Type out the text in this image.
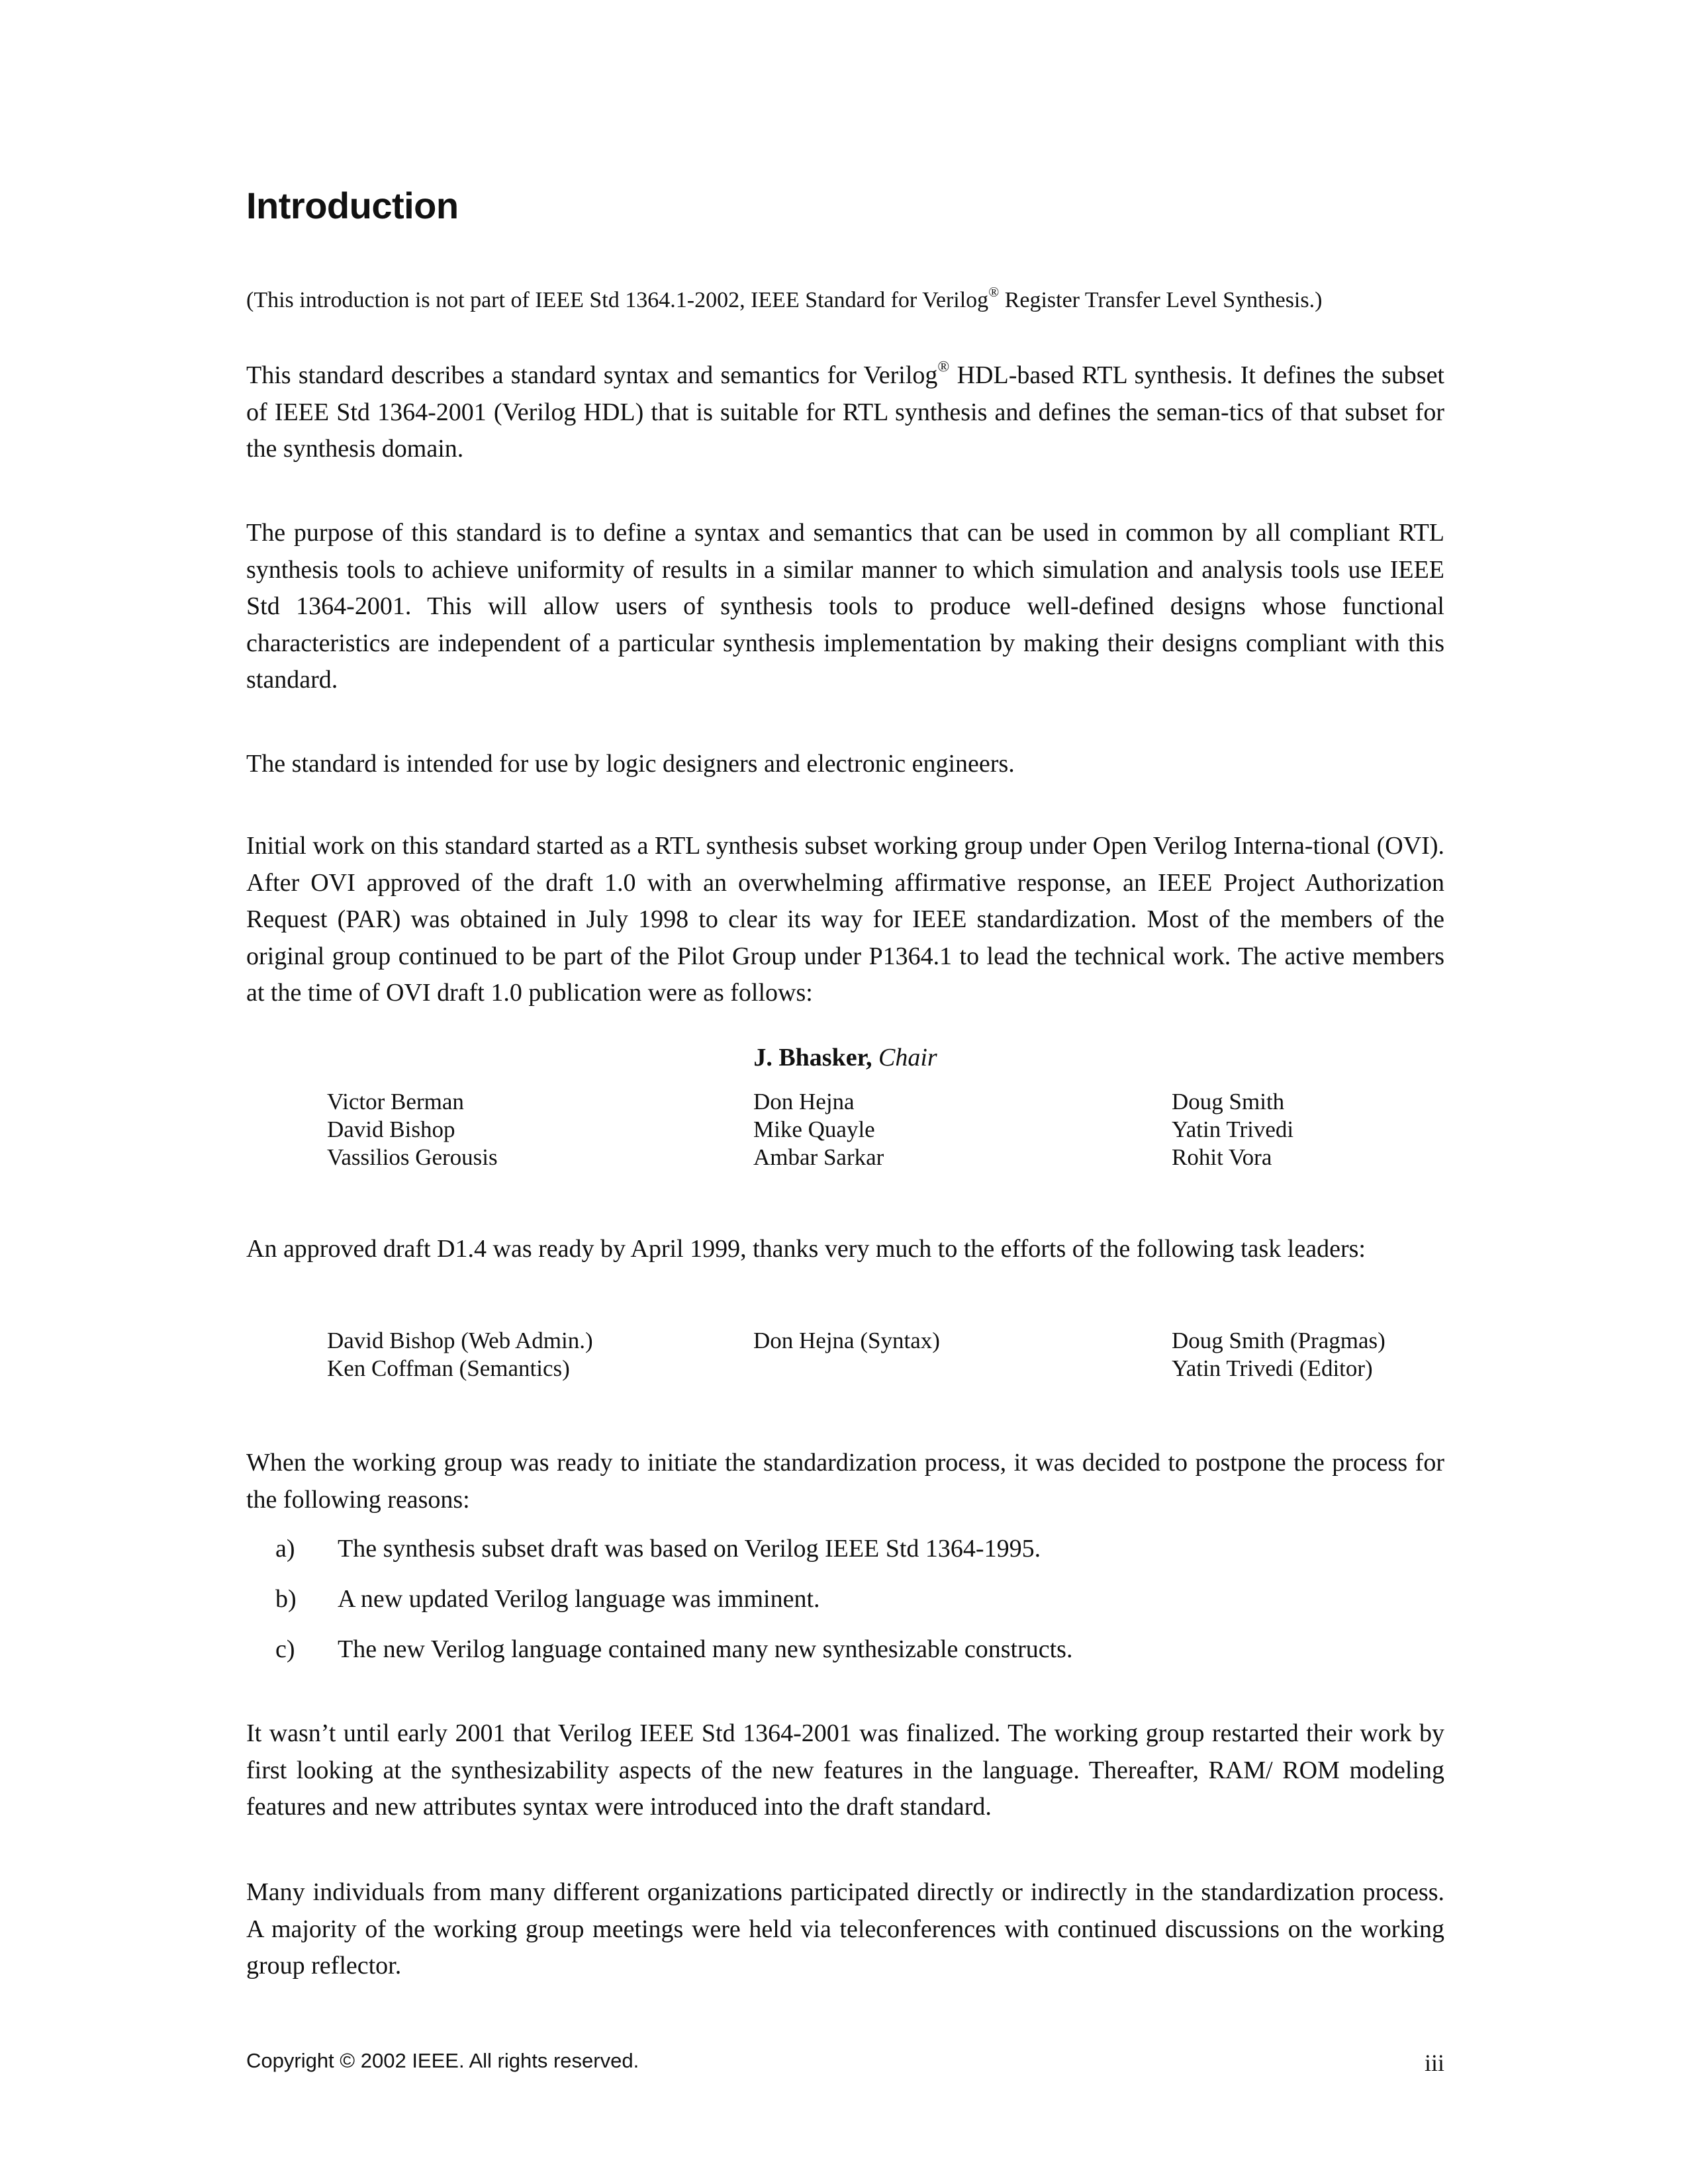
Introduction

(This introduction is not part of IEEE Std 1364.1-2002, IEEE Standard for Verilog® Register Transfer Level Synthesis.)

This standard describes a standard syntax and semantics for Verilog® HDL-based RTL synthesis. It defines the subset of IEEE Std 1364-2001 (Verilog HDL) that is suitable for RTL synthesis and defines the seman-tics of that subset for the synthesis domain.

The purpose of this standard is to define a syntax and semantics that can be used in common by all compliant RTL synthesis tools to achieve uniformity of results in a similar manner to which simulation and analysis tools use IEEE Std 1364-2001. This will allow users of synthesis tools to produce well-defined designs whose functional characteristics are independent of a particular synthesis implementation by making their designs compliant with this standard.

The standard is intended for use by logic designers and electronic engineers.

Initial work on this standard started as a RTL synthesis subset working group under Open Verilog Interna-tional (OVI). After OVI approved of the draft 1.0 with an overwhelming affirmative response, an IEEE Project Authorization Request (PAR) was obtained in July 1998 to clear its way for IEEE standardization. Most of the members of the original group continued to be part of the Pilot Group under P1364.1 to lead the technical work. The active members at the time of OVI draft 1.0 publication were as follows:

J. Bhasker, Chair
Victor Berman
David Bishop
Vassilios Gerousis
Don Hejna
Mike Quayle
Ambar Sarkar
Doug Smith
Yatin Trivedi
Rohit Vora

An approved draft D1.4 was ready by April 1999, thanks very much to the efforts of the following task leaders:

David Bishop (Web Admin.)
Ken Coffman (Semantics)
Don Hejna (Syntax)	Doug Smith (Pragmas)
Yatin Trivedi (Editor)

When the working group was ready to initiate the standardization process, it was decided to postpone the process for the following reasons:

a) The synthesis subset draft was based on Verilog IEEE Std 1364-1995.
b) A new updated Verilog language was imminent.
c) The new Verilog language contained many new synthesizable constructs.

It wasn’t until early 2001 that Verilog IEEE Std 1364-2001 was finalized. The working group restarted their work by first looking at the synthesizability aspects of the new features in the language. Thereafter, RAM/ ROM modeling features and new attributes syntax were introduced into the draft standard.

Many individuals from many different organizations participated directly or indirectly in the standardization process. A majority of the working group meetings were held via teleconferences with continued discussions on the working group reflector.

Copyright © 2002 IEEE. All rights reserved.	iii
